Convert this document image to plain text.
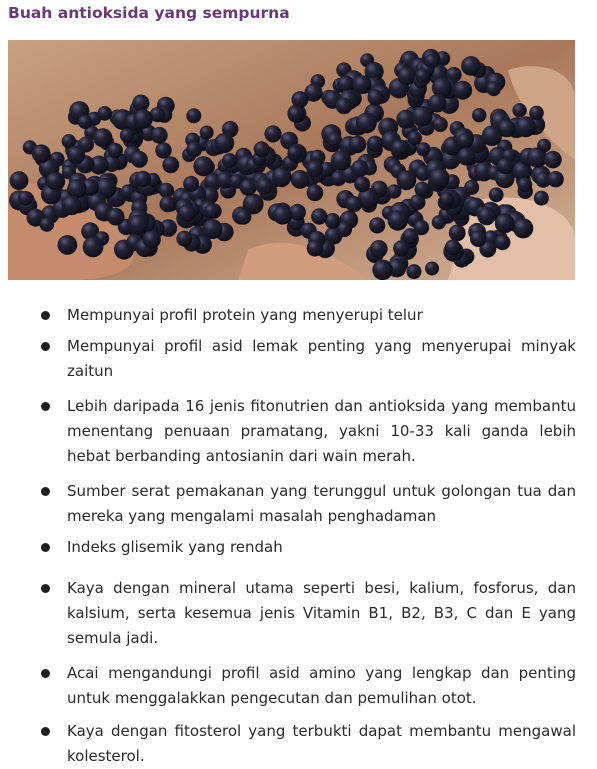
Buah antioksida yang sempurna
Mempunyai profil protein yang menyerupi telur
Mempunyai profil asid lemak penting yang menyerupai minyak zaitun
Lebih daripada 16 jenis fitonutrien dan antioksida yang membantu menentang penuaan pramatang, yakni 10-33 kali ganda lebih hebat berbanding antosianin dari wain merah.
Sumber serat pemakanan yang terunggul untuk golongan tua dan mereka yang mengalami masalah penghadaman
Indeks glisemik yang rendah
Kaya dengan mineral utama seperti besi, kalium, fosforus, dan kalsium, serta kesemua jenis Vitamin B1, B2, B3, C dan E yang semula jadi.
Acai mengandungi profil asid amino yang lengkap dan penting untuk menggalakkan pengecutan dan pemulihan otot.
Kaya dengan fitosterol yang terbukti dapat membantu mengawal kolesterol.
